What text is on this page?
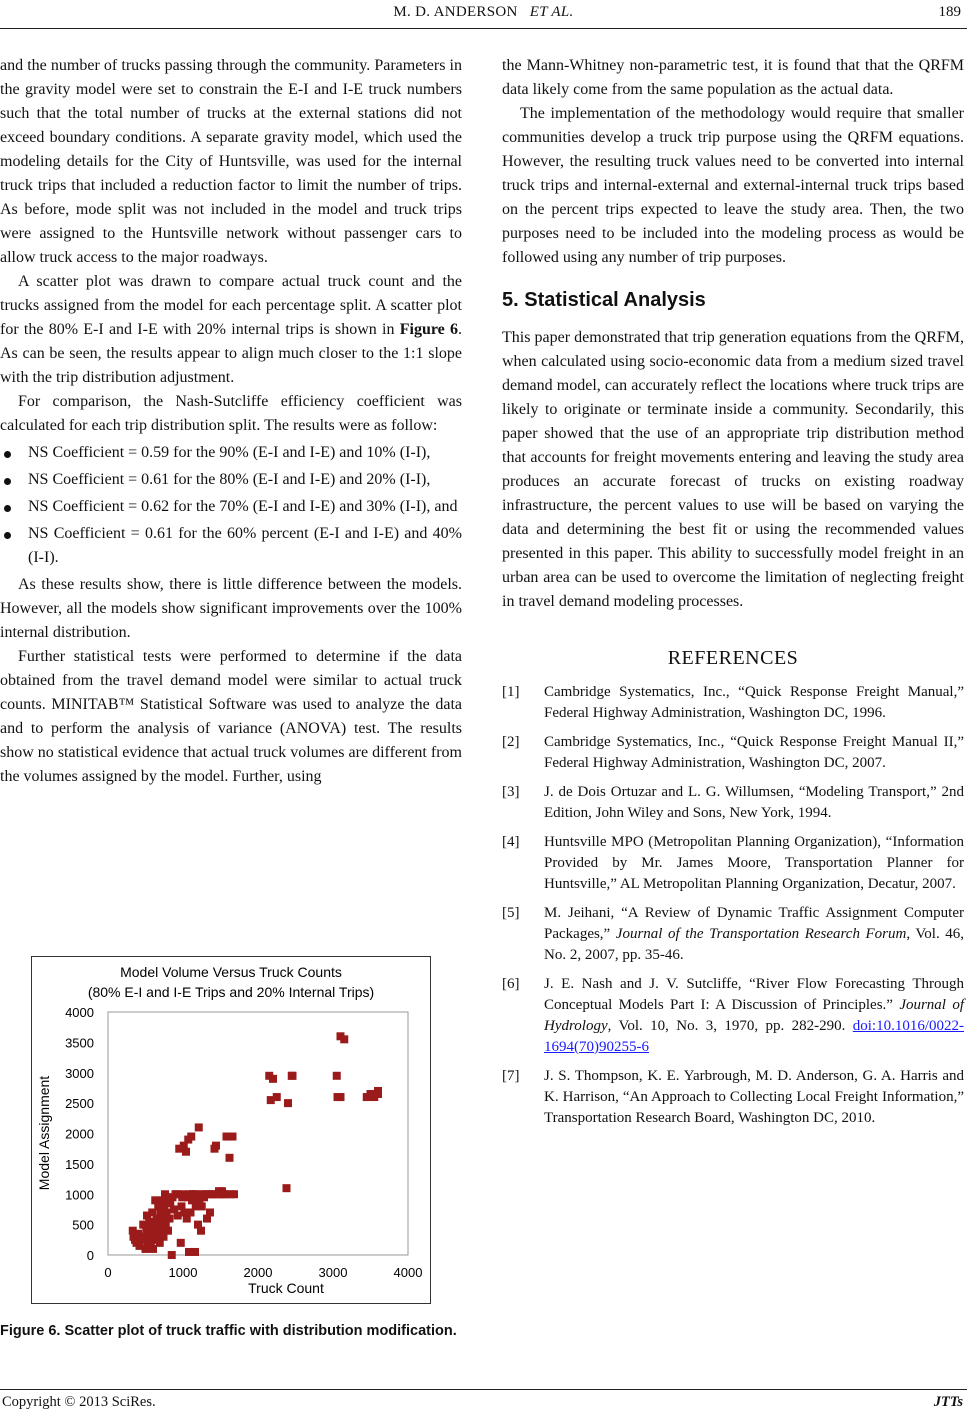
M. D. ANDERSON ET AL.	189

and the number of trucks passing through the community. Parameters in the gravity model were set to constrain the E-I and I-E truck numbers such that the total number of trucks at the external stations did not exceed boundary conditions. A separate gravity model, which used the modeling details for the City of Huntsville, was used for the internal truck trips that included a reduction factor to limit the number of trips. As before, mode split was not included in the model and truck trips were assigned to the Huntsville network without passenger cars to allow truck access to the major roadways.

A scatter plot was drawn to compare actual truck count and the trucks assigned from the model for each percentage split. A scatter plot for the 80% E-I and I-E with 20% internal trips is shown in Figure 6. As can be seen, the results appear to align much closer to the 1:1 slope with the trip distribution adjustment.

For comparison, the Nash-Sutcliffe efficiency coefficient was calculated for each trip distribution split. The results were as follow:

NS Coefficient = 0.59 for the 90% (E-I and I-E) and 10% (I-I),
NS Coefficient = 0.61 for the 80% (E-I and I-E) and 20% (I-I),
NS Coefficient = 0.62 for the 70% (E-I and I-E) and 30% (I-I), and
NS Coefficient = 0.61 for the 60% percent (E-I and I-E) and 40% (I-I).

As these results show, there is little difference between the models. However, all the models show significant improvements over the 100% internal distribution.

Further statistical tests were performed to determine if the data obtained from the travel demand model were similar to actual truck counts. MINITAB™ Statistical Software was used to analyze the data and to perform the analysis of variance (ANOVA) test. The results show no statistical evidence that actual truck volumes are different from the volumes assigned by the model. Further, using

Model Volume Versus Truck Counts
(80% E-I and I-E Trips and 20% Internal Trips)
0	1000	2000	3000	4000
0
500
1000
1500
2000
2500
3000
3500
4000
Truck Count
Model Assignment
Figure 6. Scatter plot of truck traffic with distribution modification.

the Mann-Whitney non-parametric test, it is found that that the QRFM data likely come from the same population as the actual data.

The implementation of the methodology would require that smaller communities develop a truck trip purpose using the QRFM equations. However, the resulting truck values need to be converted into internal truck trips and internal-external and external-internal truck trips based on the percent trips expected to leave the study area. Then, the two purposes need to be included into the modeling process as would be followed using any number of trip purposes.

5. Statistical Analysis

This paper demonstrated that trip generation equations from the QRFM, when calculated using socio-economic data from a medium sized travel demand model, can accurately reflect the locations where truck trips are likely to originate or terminate inside a community. Secondarily, this paper showed that the use of an appropriate trip distribution method that accounts for freight movements entering and leaving the study area produces an accurate forecast of trucks on existing roadway infrastructure, the percent values to use will be based on varying the data and determining the best fit or using the recommended values presented in this paper. This ability to successfully model freight in an urban area can be used to overcome the limitation of neglecting freight in travel demand modeling processes.

REFERENCES
[1] Cambridge Systematics, Inc., “Quick Response Freight Manual,” Federal Highway Administration, Washington DC, 1996.
[2] Cambridge Systematics, Inc., “Quick Response Freight Manual II,” Federal Highway Administration, Washington DC, 2007.
[3] J. de Dois Ortuzar and L. G. Willumsen, “Modeling Transport,” 2nd Edition, John Wiley and Sons, New York, 1994.
[4] Huntsville MPO (Metropolitan Planning Organization), “Information Provided by Mr. James Moore, Transportation Planner for Huntsville,” AL Metropolitan Planning Organization, Decatur, 2007.
[5] M. Jeihani, “A Review of Dynamic Traffic Assignment Computer Packages,” Journal of the Transportation Research Forum, Vol. 46, No. 2, 2007, pp. 35-46.
[6] J. E. Nash and J. V. Sutcliffe, “River Flow Forecasting Through Conceptual Models Part I: A Discussion of Principles.” Journal of Hydrology, Vol. 10, No. 3, 1970, pp. 282-290. doi:10.1016/0022-1694(70)90255-6
[7] J. S. Thompson, K. E. Yarbrough, M. D. Anderson, G. A. Harris and K. Harrison, “An Approach to Collecting Local Freight Information,” Transportation Research Board, Washington DC, 2010.
Copyright © 2013 SciRes.	JTTs
